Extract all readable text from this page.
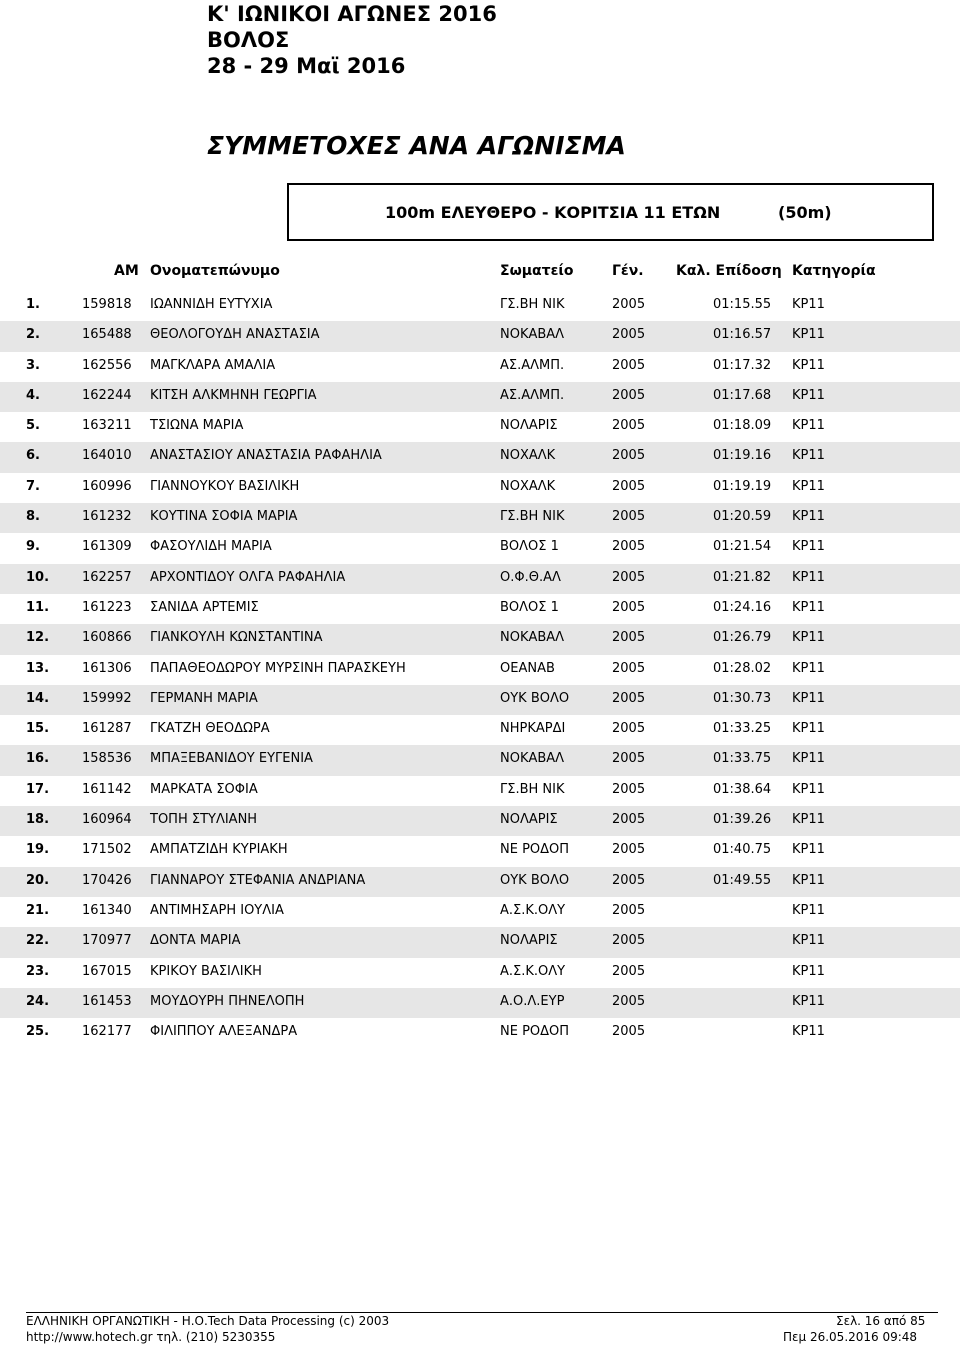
K' ΙΩΝΙΚΟΙ ΑΓΩΝΕΣ 2016
ΒΟΛΟΣ
28 - 29 Μαϊ 2016
ΣΥΜΜΕΤΟΧΕΣ ΑΝΑ ΑΓΩΝΙΣΜΑ
100m ΕΛΕΥΘΕΡΟ - ΚΟΡΙΤΣΙΑ 11 ΕΤΩΝ	(50m)
ΑΜ Ονοματεπώνυμο	Σωματείο	Γέν. Καλ. Επίδοση Κατηγορία
1.	159818 ΙΩΑΝΝΙΔΗ ΕΥΤΥΧΙΑ	ΓΣ.ΒΗ ΝΙΚ	2005	01:15.55 ΚΡ11
2.	165488 ΘΕΟΛΟΓΟΥΔΗ ΑΝΑΣΤΑΣΙΑ	ΝΟΚΑΒΑΛ	2005	01:16.57 ΚΡ11
3.	162556 ΜΑΓΚΛΑΡΑ ΑΜΑΛΙΑ	ΑΣ.ΑΛΜΠ.	2005	01:17.32 ΚΡ11
4.	162244 ΚΙΤΣΗ ΑΛΚΜΗΝΗ ΓΕΩΡΓΙΑ	ΑΣ.ΑΛΜΠ.	2005	01:17.68 ΚΡ11
5.	163211 ΤΣΙΩΝΑ ΜΑΡΙΑ	ΝΟΛΑΡΙΣ	2005	01:18.09 ΚΡ11
6.	164010 ΑΝΑΣΤΑΣΙΟΥ ΑΝΑΣΤΑΣΙΑ ΡΑΦΑΗΛΙΑ	ΝΟΧΑΛΚ	2005	01:19.16 ΚΡ11
7.	160996 ΓΙΑΝΝΟΥΚΟΥ ΒΑΣΙΛΙΚΗ	ΝΟΧΑΛΚ	2005	01:19.19 ΚΡ11
8.	161232 ΚΟΥΤΙΝΑ ΣΟΦΙΑ ΜΑΡΙΑ	ΓΣ.ΒΗ ΝΙΚ	2005	01:20.59 ΚΡ11
9.	161309 ΦΑΣΟΥΛΙΔΗ ΜΑΡΙΑ	ΒΟΛΟΣ 1	2005	01:21.54 ΚΡ11
10.	162257 ΑΡΧΟΝΤΙΔΟΥ ΟΛΓΑ ΡΑΦΑΗΛΙΑ	Ο.Φ.Θ.ΑΛ	2005	01:21.82 ΚΡ11
11.	161223 ΣΑΝΙΔΑ ΑΡΤΕΜΙΣ	ΒΟΛΟΣ 1	2005	01:24.16 ΚΡ11
12.	160866 ΓΙΑΝΚΟΥΛΗ ΚΩΝΣΤΑΝΤΙΝΑ	ΝΟΚΑΒΑΛ	2005	01:26.79 ΚΡ11
13.	161306 ΠΑΠΑΘΕΟΔΩΡΟΥ ΜΥΡΣΙΝΗ ΠΑΡΑΣΚΕΥΗ	ΟΕΑΝΑΒ	2005	01:28.02 ΚΡ11
14.	159992 ΓΕΡΜΑΝΗ ΜΑΡΙΑ	ΟΥΚ ΒΟΛΟ	2005	01:30.73 ΚΡ11
15.	161287 ΓΚΑΤΖΗ ΘΕΟΔΩΡΑ	ΝΗΡΚΑΡΔΙ	2005	01:33.25 ΚΡ11
16.	158536 ΜΠΑΞΕΒΑΝΙΔΟΥ ΕΥΓΕΝΙΑ	ΝΟΚΑΒΑΛ	2005	01:33.75 ΚΡ11
17.	161142 ΜΑΡΚΑΤΑ ΣΟΦΙΑ	ΓΣ.ΒΗ ΝΙΚ	2005	01:38.64 ΚΡ11
18.	160964 ΤΟΠΗ ΣΤΥΛΙΑΝΗ	ΝΟΛΑΡΙΣ	2005	01:39.26 ΚΡ11
19.	171502 ΑΜΠΑΤΖΙΔΗ ΚΥΡΙΑΚΗ	ΝΕ ΡΟΔΟΠ	2005	01:40.75 ΚΡ11
20.	170426 ΓΙΑΝΝΑΡΟΥ ΣΤΕΦΑΝΙΑ ΑΝΔΡΙΑΝΑ	ΟΥΚ ΒΟΛΟ	2005	01:49.55 ΚΡ11
21.	161340 ΑΝΤΙΜΗΣΑΡΗ ΙΟΥΛΙΑ	Α.Σ.Κ.ΟΛΥ	2005	ΚΡ11
22.	170977 ΔΟΝΤΑ ΜΑΡΙΑ	ΝΟΛΑΡΙΣ	2005	ΚΡ11
23.	167015 ΚΡΙΚΟΥ ΒΑΣΙΛΙΚΗ	Α.Σ.Κ.ΟΛΥ	2005	ΚΡ11
24.	161453 ΜΟΥΔΟΥΡΗ ΠΗΝΕΛΟΠΗ	Α.Ο.Λ.ΕΥΡ	2005	ΚΡ11
25.	162177 ΦΙΛΙΠΠΟΥ ΑΛΕΞΑΝΔΡΑ	ΝΕ ΡΟΔΟΠ	2005	ΚΡ11
ΕΛΛΗΝΙΚΗ ΟΡΓΑΝΩΤΙΚΗ - Η.Ο.Tech Data Processing (c) 2003
http://www.hotech.gr τηλ. (210) 5230355
Σελ. 16 από 85
Πεμ 26.05.2016 09:48
